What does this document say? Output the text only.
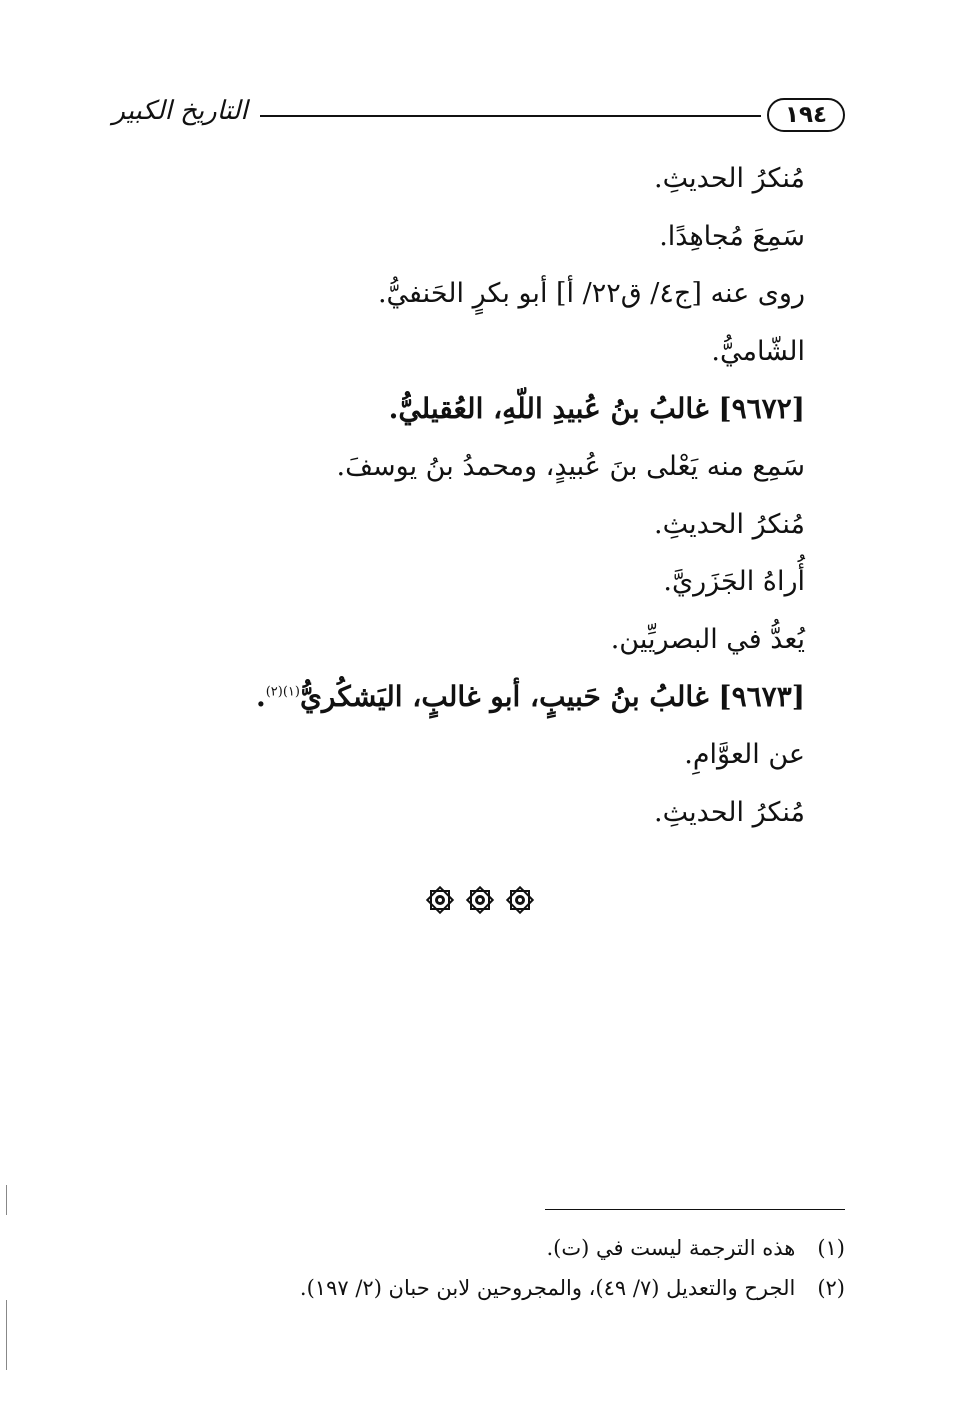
١٩٤
التاريخ الكبير
مُنكرُ الحديثِ.
سَمِعَ مُجاهِدًا.
روى عنه [ج٤/ ق٢٢/ أ] أبو بكرٍ الحَنفيُّ.
الشّاميُّ.
[٩٦٧٢] غالبُ بنُ عُبيدِ اللّهِ، العُقيليُّ.
سَمِع منه يَعْلى بنَ عُبيدٍ، ومحمدُ بنُ يوسفَ.
مُنكرُ الحديثِ.
أُراهُ الجَزَريَّ.
يُعدُّ في البصريِّين.
[٩٦٧٣] غالبُ بنُ حَبيبٍ، أبو غالبٍ، اليَشكُريُّ$^{(١)(٢)}$.
عن العوَّامِ.
مُنكرُ الحديثِ.
(١)هذه الترجمة ليست في (ت).
(٢)الجرح والتعديل (٧/ ٤٩)، والمجروحين لابن حبان (٢/ ١٩٧).
